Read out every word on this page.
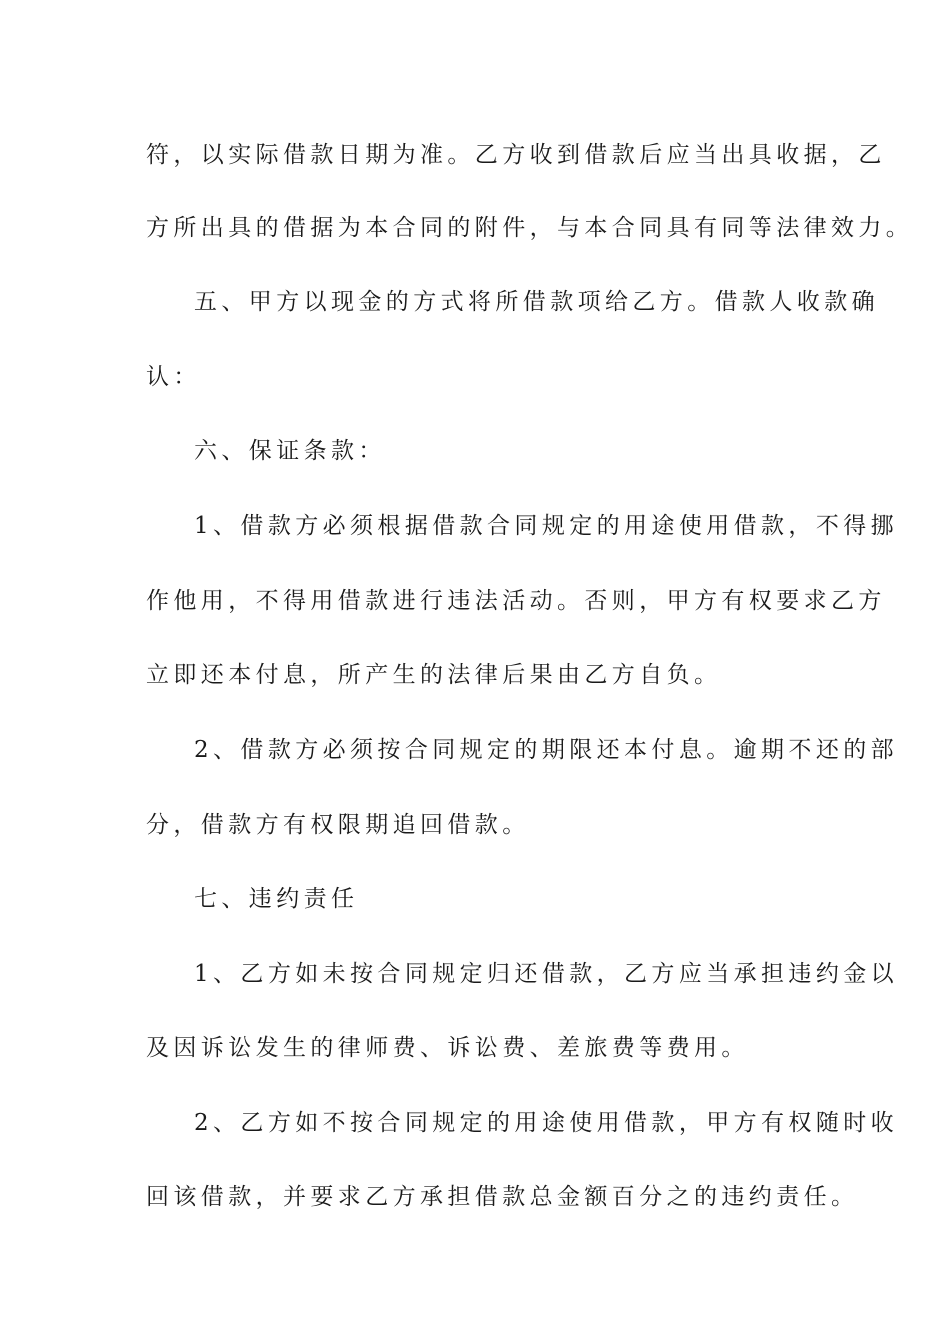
符，以实际借款日期为准。乙方收到借款后应当出具收据，乙
方所出具的借据为本合同的附件，与本合同具有同等法律效力。
五、甲方以现金的方式将所借款项给乙方。借款人收款确
认：
六、保证条款：
1、借款方必须根据借款合同规定的用途使用借款，不得挪
作他用，不得用借款进行违法活动。否则，甲方有权要求乙方
立即还本付息，所产生的法律后果由乙方自负。
2、借款方必须按合同规定的期限还本付息。逾期不还的部
分，借款方有权限期追回借款。
七、违约责任
1、乙方如未按合同规定归还借款，乙方应当承担违约金以
及因诉讼发生的律师费、诉讼费、差旅费等费用。
2、乙方如不按合同规定的用途使用借款，甲方有权随时收
回该借款，并要求乙方承担借款总金额百分之的违约责任。
